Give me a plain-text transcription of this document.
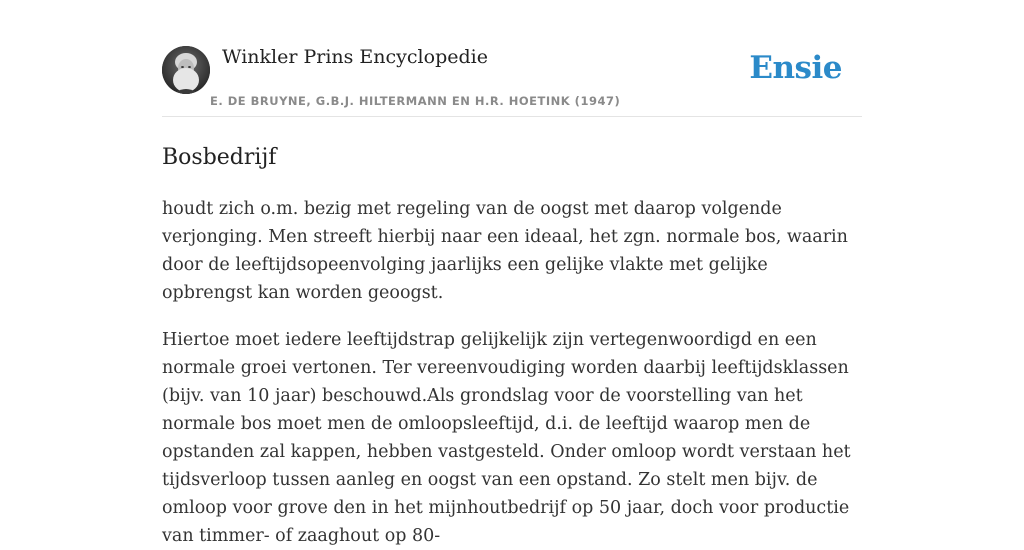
Winkler Prins Encyclopedie
E. DE BRUYNE, G.B.J. HILTERMANN EN H.R. HOETINK (1947)
Ensie
Bosbedrijf

houdt zich o.m. bezig met regeling van de oogst met daarop volgende verjonging. Men streeft hierbij naar een ideaal, het zgn. normale bos, waarin door de leeftijdsopeenvolging jaarlijks een gelijke vlakte met gelijke opbrengst kan worden geoogst.

Hiertoe moet iedere leeftijdstrap gelijkelijk zijn vertegenwoordigd en een normale groei vertonen. Ter vereenvoudiging worden daarbij leeftijdsklassen (bijv. van 10 jaar) beschouwd.Als grondslag voor de voorstelling van het normale bos moet men de omloopsleeftijd, d.i. de leeftijd waarop men de opstanden zal kappen, hebben vastgesteld. Onder omloop wordt verstaan het tijdsverloop tussen aanleg en oogst van een opstand. Zo stelt men bijv. de omloop voor grove den in het mijnhoutbedrijf op 50 jaar, doch voor productie van timmer- of zaaghout op 80-
